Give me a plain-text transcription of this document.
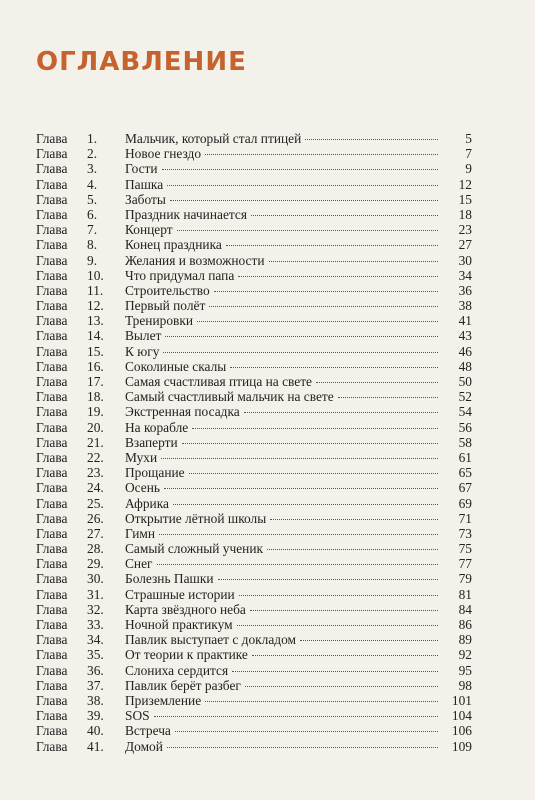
ОГЛАВЛЕНИЕ
Глава	1.	Мальчик, который стал птицей	5
Глава	2.	Новое гнездо	7
Глава	3.	Гости	9
Глава	4.	Пашка	12
Глава	5.	Заботы	15
Глава	6.	Праздник начинается	18
Глава	7.	Концерт	23
Глава	8.	Конец праздника	27
Глава	9.	Желания и возможности	30
Глава	10.	Что придумал папа	34
Глава	11.	Строительство	36
Глава	12.	Первый полёт	38
Глава	13.	Тренировки	41
Глава	14.	Вылет	43
Глава	15.	К югу	46
Глава	16.	Соколиные скалы	48
Глава	17.	Самая счастливая птица на свете	50
Глава	18.	Самый счастливый мальчик на свете	52
Глава	19.	Экстренная посадка	54
Глава	20.	На корабле	56
Глава	21.	Взаперти	58
Глава	22.	Мухи	61
Глава	23.	Прощание	65
Глава	24.	Осень	67
Глава	25.	Африка	69
Глава	26.	Открытие лётной школы	71
Глава	27.	Гимн	73
Глава	28.	Самый сложный ученик	75
Глава	29.	Снег	77
Глава	30.	Болезнь Пашки	79
Глава	31.	Страшные истории	81
Глава	32.	Карта звёздного неба	84
Глава	33.	Ночной практикум	86
Глава	34.	Павлик выступает с докладом	89
Глава	35.	От теории к практике	92
Глава	36.	Слониха сердится	95
Глава	37.	Павлик берёт разбег	98
Глава	38.	Приземление	101
Глава	39.	SOS	104
Глава	40.	Встреча	106
Глава	41.	Домой	109
